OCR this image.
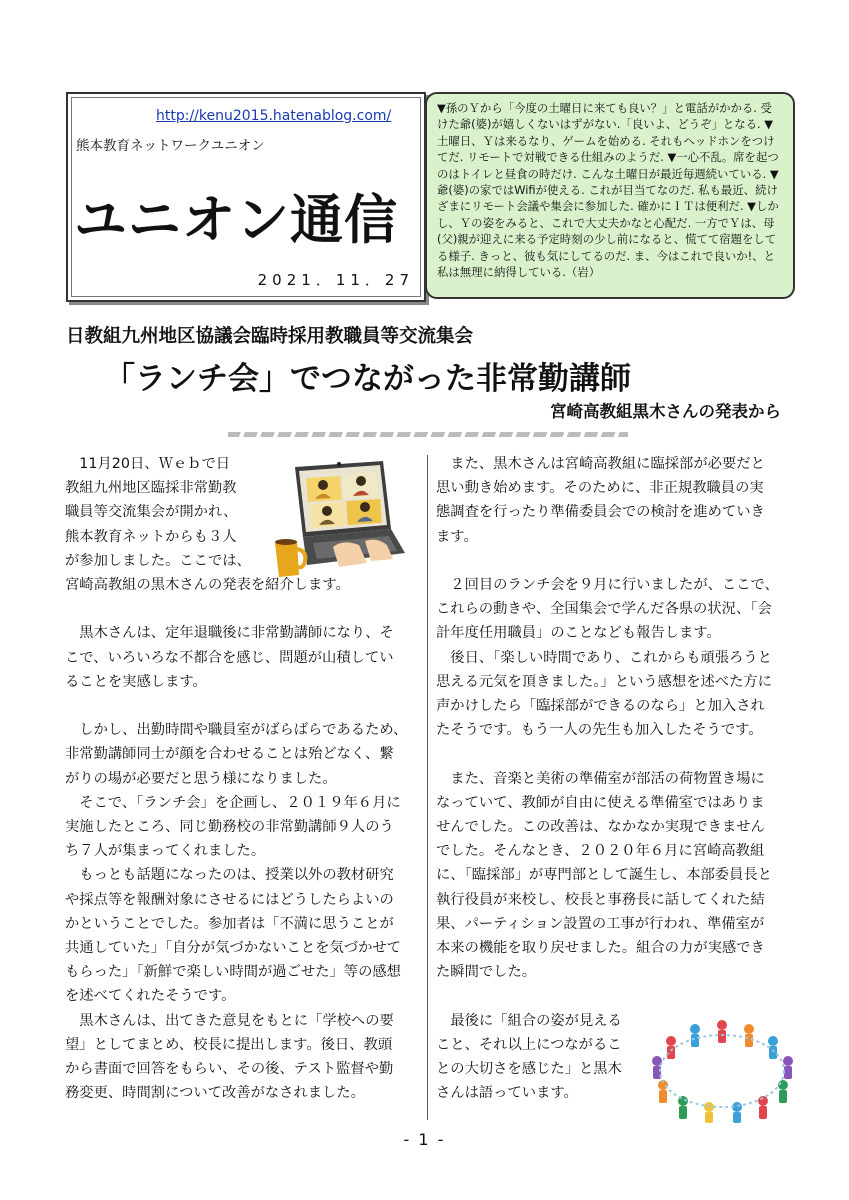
http://kenu2015.hatenablog.com/
熊本教育ネットワークユニオン
ユニオン通信
2021．11．27
▼孫のＹから「今度の土曜日に来ても良い？」と電話がかかる. 受けた爺(婆)が嬉しくないはずがない.「良いよ、どうぞ」となる. ▼土曜日、Ｙは来るなり、ゲームを始める. それもヘッドホンをつけてだ. リモートで対戦できる仕組みのようだ. ▼一心不乱。席を起つのはトイレと昼食の時だけ. こんな土曜日が最近毎週続いている. ▼爺(婆)の家ではWifiが使える. これが目当てなのだ. 私も最近、続けざまにリモート会議や集会に参加した. 確かにＩＴは便利だ. ▼しかし、Ｙの姿をみると、これで大丈夫かなと心配だ. 一方でＹは、母(父)親が迎えに来る予定時刻の少し前になると、慌てて宿題をしてる様子. きっと、彼も気にしてるのだ. ま、今はこれで良いか!、と私は無理に納得している.（岩）
日教組九州地区協議会臨時採用教職員等交流集会
「ランチ会」でつながった非常勤講師
宮崎高教組黒木さんの発表から

　11月20日、Ｗｅｂで日

教組九州地区臨採非常勤教

職員等交流集会が開かれ、

熊本教育ネットからも３人

が参加しました。ここでは、

宮崎高教組の黒木さんの発表を紹介します。

　黒木さんは、定年退職後に非常勤講師になり、そ

こで、いろいろな不都合を感じ、問題が山積してい

ることを実感します。

　しかし、出勤時間や職員室がばらばらであるため、

非常勤講師同士が顔を合わせることは殆どなく、繋

がりの場が必要だと思う様になりました。

　そこで、「ランチ会」を企画し、２０１９年６月に

実施したところ、同じ勤務校の非常勤講師９人のう

ち７人が集まってくれました。

　もっとも話題になったのは、授業以外の教材研究

や採点等を報酬対象にさせるにはどうしたらよいの

かということでした。参加者は「不満に思うことが

共通していた」「自分が気づかないことを気づかせて

もらった」「新鮮で楽しい時間が過ごせた」等の感想

を述べてくれたそうです。

　黒木さんは、出てきた意見をもとに「学校への要

望」としてまとめ、校長に提出します。後日、教頭

から書面で回答をもらい、その後、テスト監督や勤

務変更、時間割について改善がなされました。

　また、黒木さんは宮崎高教組に臨採部が必要だと

思い動き始めます。そのために、非正規教職員の実

態調査を行ったり準備委員会での検討を進めていき

ます。

　２回目のランチ会を９月に行いましたが、ここで、

これらの動きや、全国集会で学んだ各県の状況、「会

計年度任用職員」のことなども報告します。

　後日、「楽しい時間であり、これからも頑張ろうと

思える元気を頂きました。」という感想を述べた方に

声かけしたら「臨採部ができるのなら」と加入され

たそうです。もう一人の先生も加入したそうです。

　また、音楽と美術の準備室が部活の荷物置き場に

なっていて、教師が自由に使える準備室ではありま

せんでした。この改善は、なかなか実現できません

でした。そんなとき、２０２０年６月に宮崎高教組

に、「臨採部」が専門部として誕生し、本部委員長と

執行役員が来校し、校長と事務長に話してくれた結

果、パーティション設置の工事が行われ、準備室が

本来の機能を取り戻せました。組合の力が実感でき

た瞬間でした。

　最後に「組合の姿が見える

こと、それ以上につながるこ

との大切さを感じた」と黒木

さんは語っています。

- 1 -
